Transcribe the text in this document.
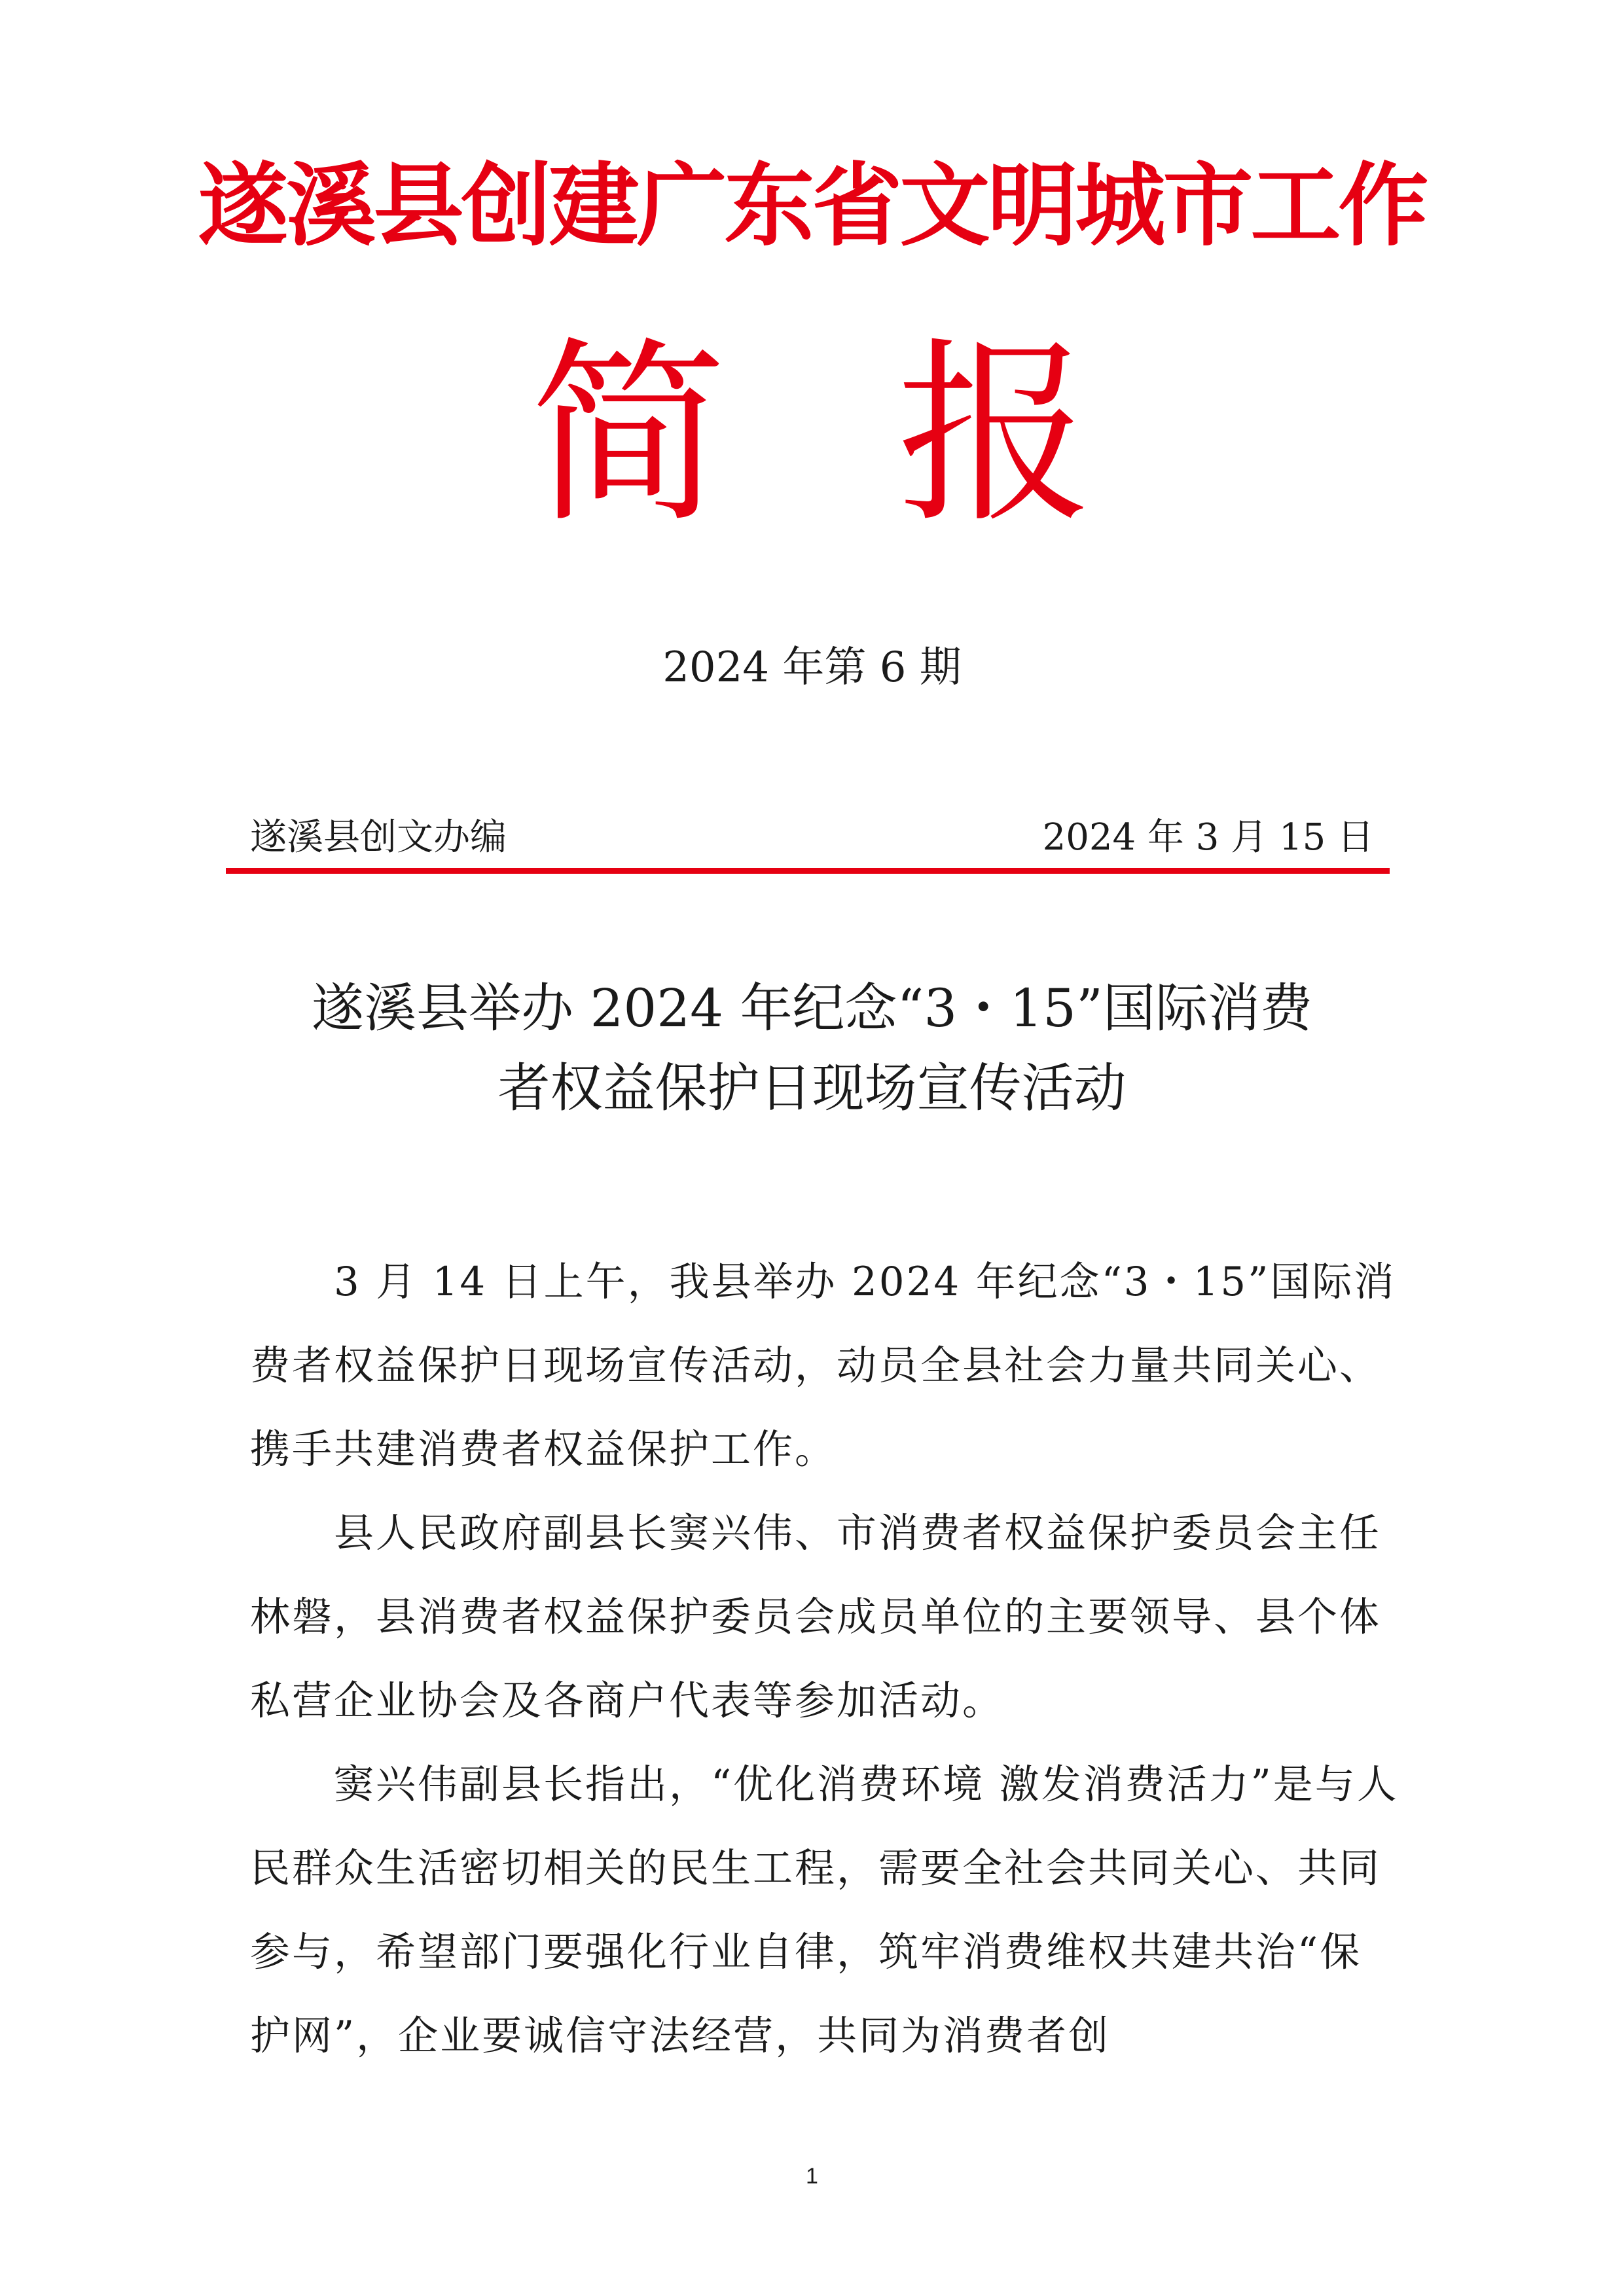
遂溪县创建广东省文明城市工作
简 报
2024 年第 6 期
遂溪县创文办编	2024 年 3 月 15 日
遂溪县举办 2024 年纪念“3・15”国际消费
者权益保护日现场宣传活动

3 月 14 日上午，我县举办 2024 年纪念“3・15”国际消费者权益保护日现场宣传活动，动员全县社会力量共同关心、携手共建消费者权益保护工作。

县人民政府副县长窦兴伟、市消费者权益保护委员会主任林磐，县消费者权益保护委员会成员单位的主要领导、县个体私营企业协会及各商户代表等参加活动。

窦兴伟副县长指出，“优化消费环境 激发消费活力”是与人民群众生活密切相关的民生工程，需要全社会共同关心、共同参与，希望部门要强化行业自律，筑牢消费维权共建共治“保护网”，企业要诚信守法经营，共同为消费者创

1
